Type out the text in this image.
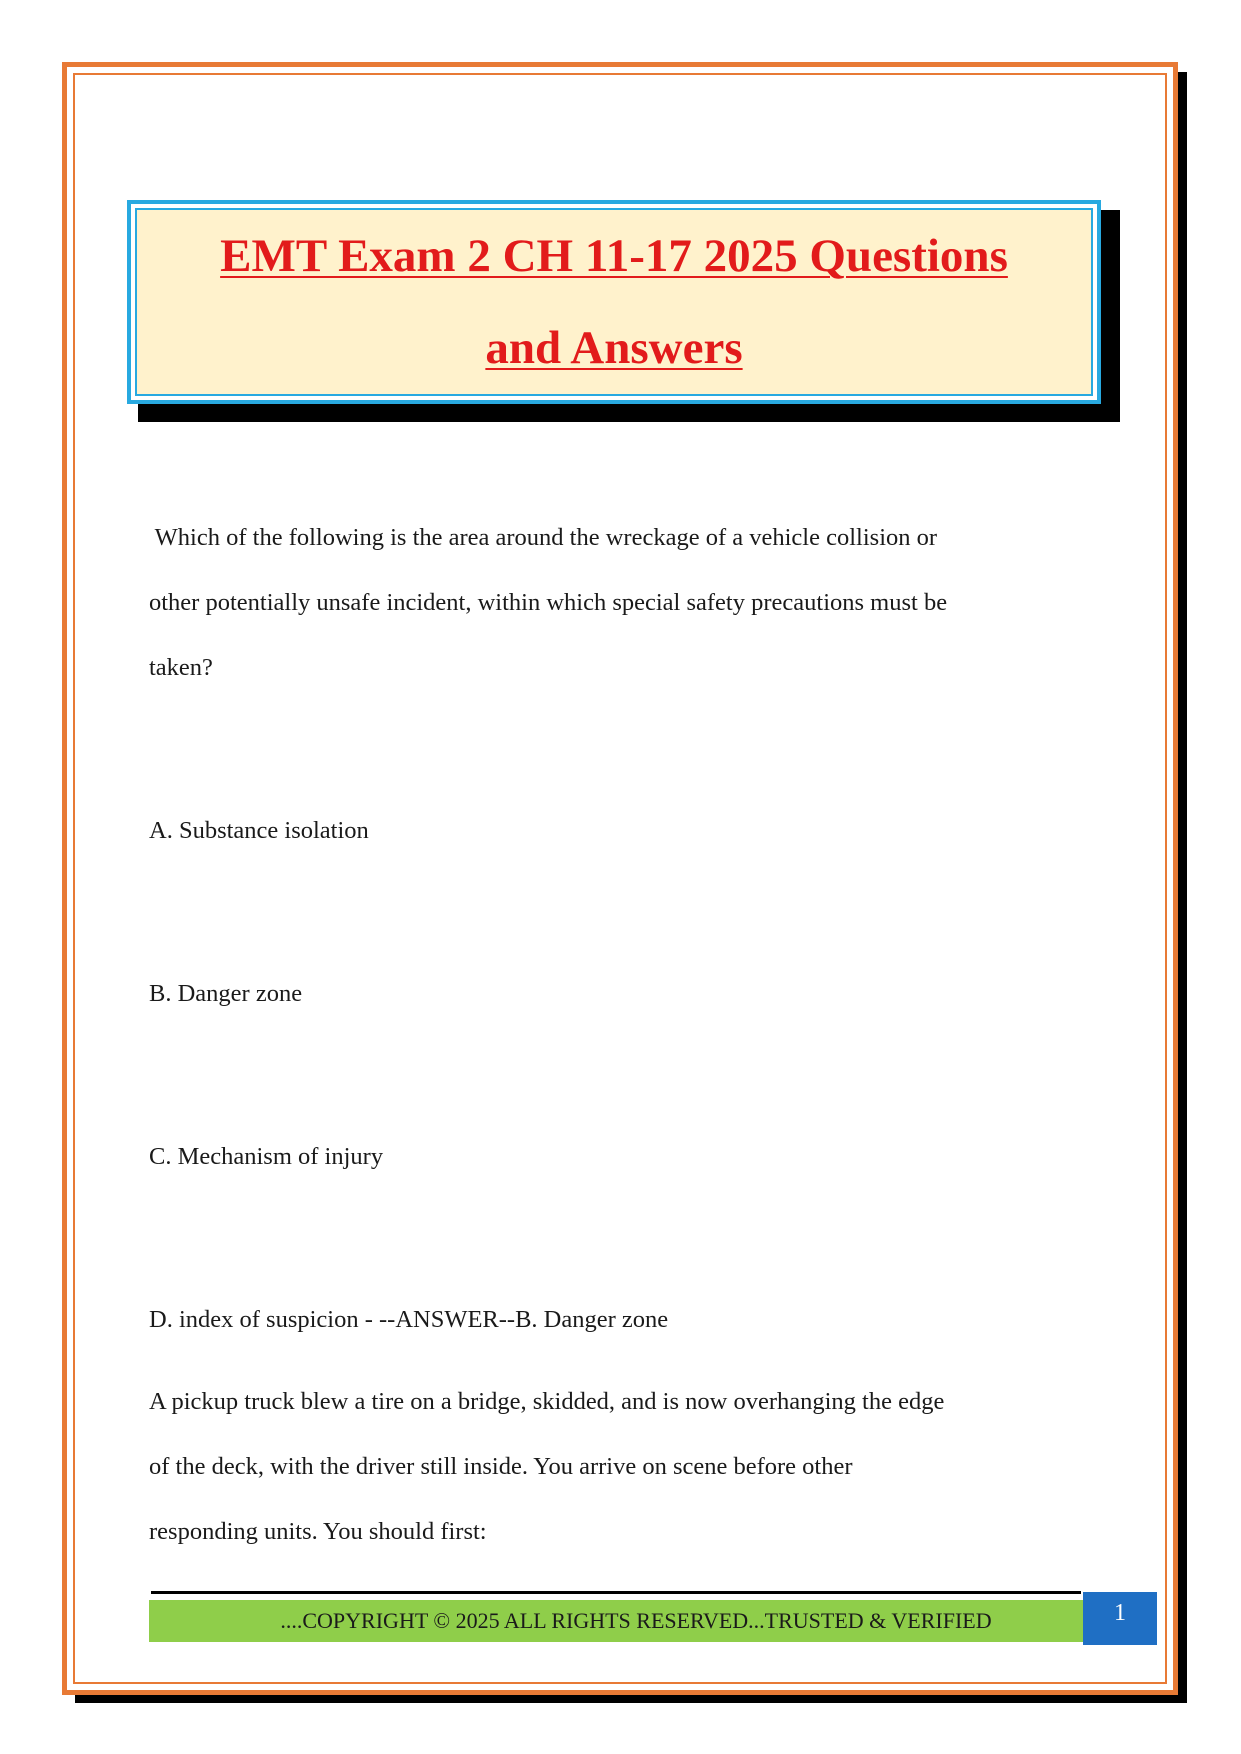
EMT Exam 2 CH 11-17 2025 Questions
and Answers

Which of the following is the area around the wreckage of a vehicle collision or

other potentially unsafe incident, within which special safety precautions must be

taken?

A. Substance isolation

B. Danger zone

C. Mechanism of injury

D. index of suspicion - --ANSWER--B. Danger zone

A pickup truck blew a tire on a bridge, skidded, and is now overhanging the edge

of the deck, with the driver still inside. You arrive on scene before other

responding units. You should first:

....COPYRIGHT © 2025 ALL RIGHTS RESERVED...TRUSTED & VERIFIED	1
